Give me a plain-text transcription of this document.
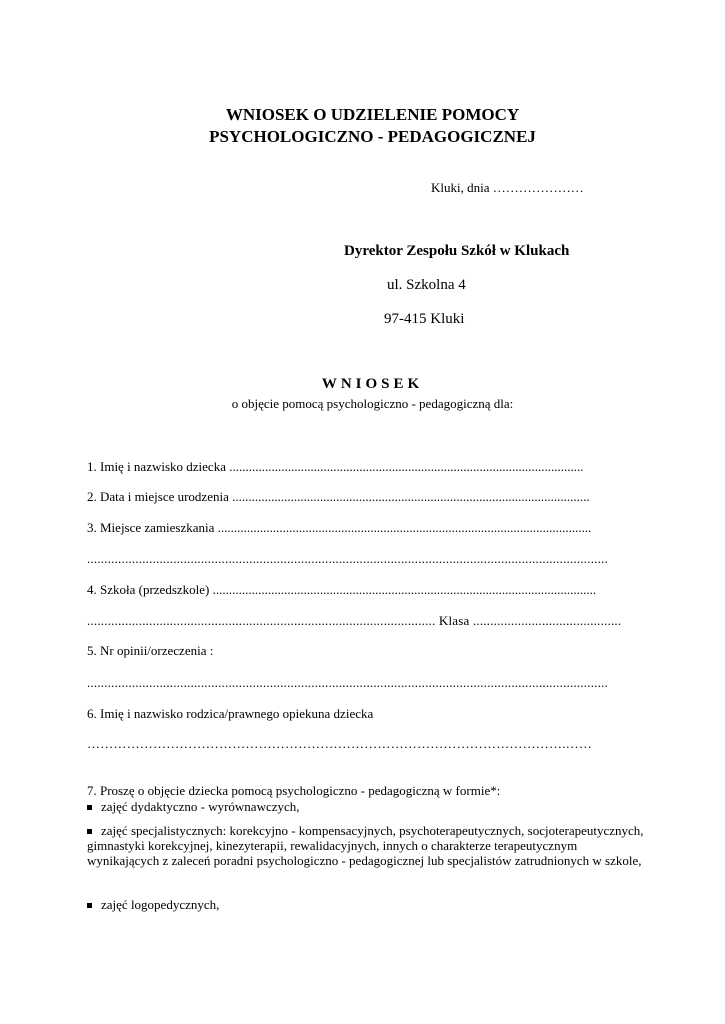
WNIOSEK O UDZIELENIE POMOCY
PSYCHOLOGICZNO - PEDAGOGICZNEJ
Kluki, dnia …………………
Dyrektor Zespołu Szkół w Klukach
ul. Szkolna 4
97-415 Kluki
WNIOSEK
o objęcie pomocą psychologiczno - pedagogiczną dla:
1. Imię i nazwisko dziecka .............................................................................................................
2. Data i miejsce urodzenia ..............................................................................................................
3. Miejsce zamieszkania ...................................................................................................................
.......................................................................................................................................................
4. Szkoła (przedszkole) ......................................................................................................................
..................................................................................................... Klasa ...........................................
5. Nr opinii/orzeczenia :
.......................................................................................................................................................
6. Imię i nazwisko rodzica/prawnego opiekuna dziecka
……………………………………………………………………………………………….……
7. Proszę o objęcie dziecka pomocą psychologiczno - pedagogiczną w formie*:
zajęć dydaktyczno - wyrównawczych,
zajęć specjalistycznych: korekcyjno - kompensacyjnych, psychoterapeutycznych, socjoterapeutycznych, gimnastyki korekcyjnej, kinezyterapii, rewalidacyjnych, innych o charakterze terapeutycznym wynikających z zaleceń poradni psychologiczno - pedagogicznej lub specjalistów zatrudnionych w szkole,
zajęć logopedycznych,
